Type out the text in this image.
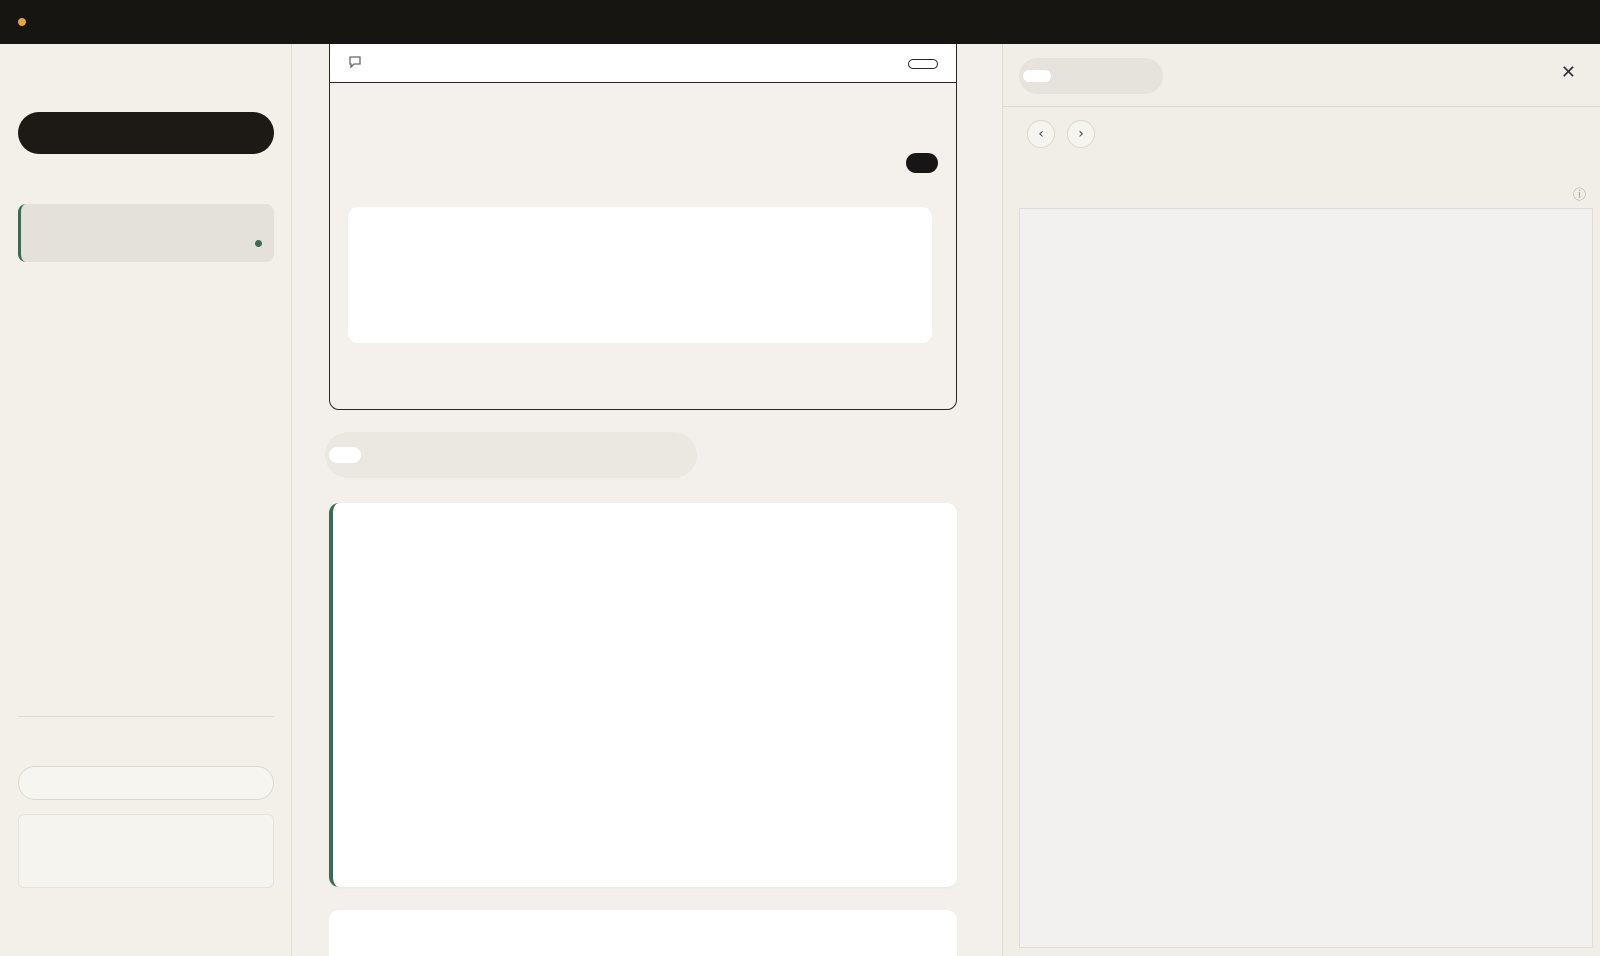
✕
‹	›
ⓘ
